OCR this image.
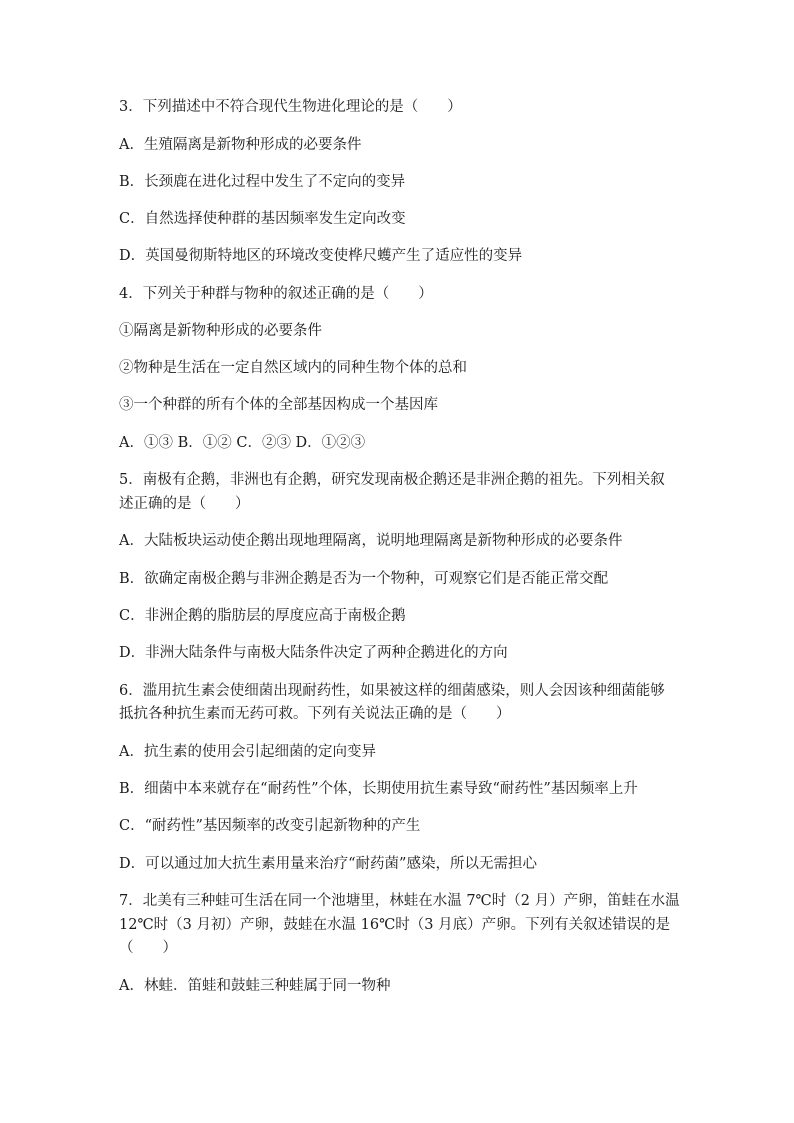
3．下列描述中不符合现代生物进化理论的是（　　）
A．生殖隔离是新物种形成的必要条件
B．长颈鹿在进化过程中发生了不定向的变异
C．自然选择使种群的基因频率发生定向改变
D．英国曼彻斯特地区的环境改变使桦尺蠖产生了适应性的变异
4．下列关于种群与物种的叙述正确的是（　　）
①隔离是新物种形成的必要条件
②物种是生活在一定自然区域内的同种生物个体的总和
③一个种群的所有个体的全部基因构成一个基因库
A．①③ B．①② C．②③ D．①②③
5．南极有企鹅，非洲也有企鹅，研究发现南极企鹅还是非洲企鹅的祖先。下列相关叙
述正确的是（　　）
A．大陆板块运动使企鹅出现地理隔离，说明地理隔离是新物种形成的必要条件
B．欲确定南极企鹅与非洲企鹅是否为一个物种，可观察它们是否能正常交配
C．非洲企鹅的脂肪层的厚度应高于南极企鹅
D．非洲大陆条件与南极大陆条件决定了两种企鹅进化的方向
6．滥用抗生素会使细菌出现耐药性，如果被这样的细菌感染，则人会因该种细菌能够
抵抗各种抗生素而无药可救。下列有关说法正确的是（　　）
A．抗生素的使用会引起细菌的定向变异
B．细菌中本来就存在“耐药性”个体，长期使用抗生素导致“耐药性”基因频率上升
C．“耐药性”基因频率的改变引起新物种的产生
D．可以通过加大抗生素用量来治疗“耐药菌”感染，所以无需担心
7．北美有三种蛙可生活在同一个池塘里，林蛙在水温 7℃时（2 月）产卵，笛蛙在水温
12℃时（3 月初）产卵，鼓蛙在水温 16℃时（3 月底）产卵。下列有关叙述错误的是
（　　）
A．林蛙．笛蛙和鼓蛙三种蛙属于同一物种
